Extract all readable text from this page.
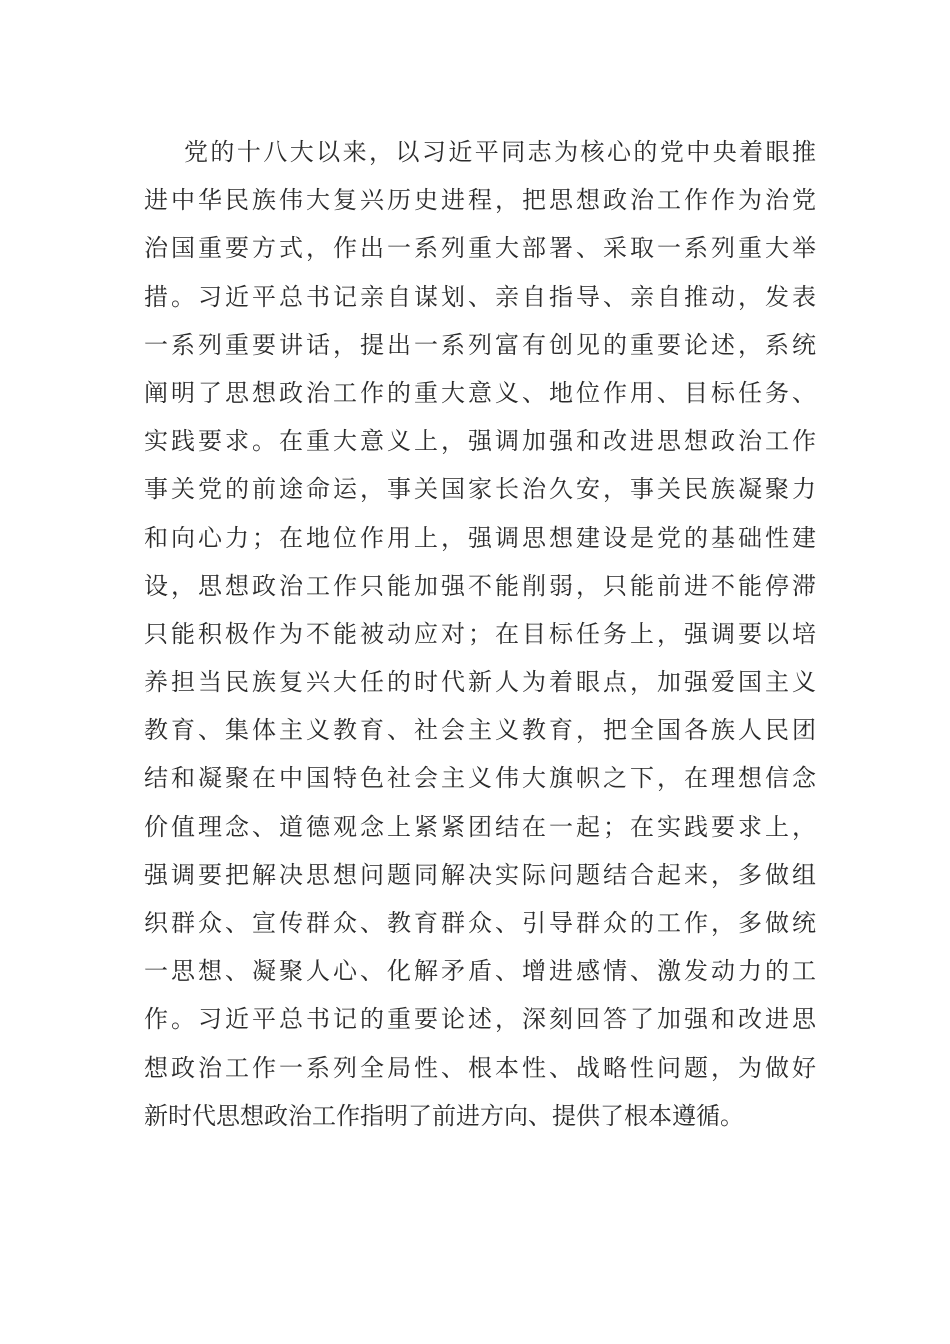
党的十八大以来，以习近平同志为核心的党中央着眼推
进中华民族伟大复兴历史进程，把思想政治工作作为治党
治国重要方式，作出一系列重大部署、采取一系列重大举
措。习近平总书记亲自谋划、亲自指导、亲自推动，发表
一系列重要讲话，提出一系列富有创见的重要论述，系统
阐明了思想政治工作的重大意义、地位作用、目标任务、
实践要求。在重大意义上，强调加强和改进思想政治工作
事关党的前途命运，事关国家长治久安，事关民族凝聚力
和向心力；在地位作用上，强调思想建设是党的基础性建
设，思想政治工作只能加强不能削弱，只能前进不能停滞
只能积极作为不能被动应对；在目标任务上，强调要以培
养担当民族复兴大任的时代新人为着眼点，加强爱国主义
教育、集体主义教育、社会主义教育，把全国各族人民团
结和凝聚在中国特色社会主义伟大旗帜之下，在理想信念
价值理念、道德观念上紧紧团结在一起；在实践要求上，
强调要把解决思想问题同解决实际问题结合起来，多做组
织群众、宣传群众、教育群众、引导群众的工作，多做统
一思想、凝聚人心、化解矛盾、增进感情、激发动力的工
作。习近平总书记的重要论述，深刻回答了加强和改进思
想政治工作一系列全局性、根本性、战略性问题，为做好
新时代思想政治工作指明了前进方向、提供了根本遵循。
